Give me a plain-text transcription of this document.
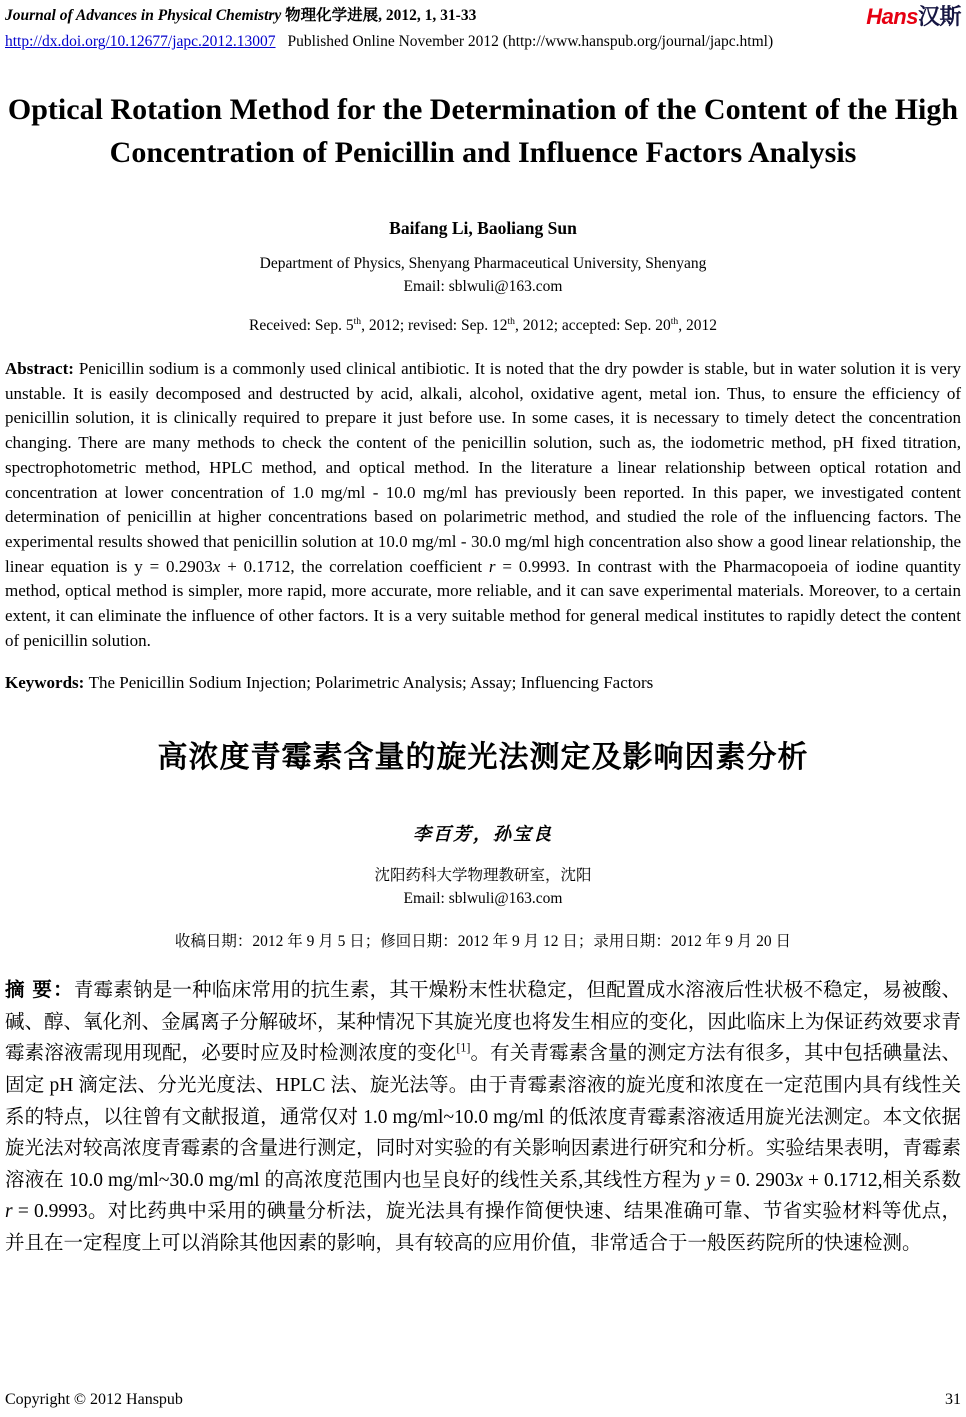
Journal of Advances in Physical Chemistry 物理化学进展, 2012, 1, 31-33	Hans汉斯
http://dx.doi.org/10.12677/japc.2012.13007 Published Online November 2012 (http://www.hanspub.org/journal/japc.html)
Optical Rotation Method for the Determination of the Content of the High Concentration of Penicillin and Influence Factors Analysis
Baifang Li, Baoliang Sun
Department of Physics, Shenyang Pharmaceutical University, Shenyang
Email: sblwuli@163.com
Received: Sep. 5th, 2012; revised: Sep. 12th, 2012; accepted: Sep. 20th, 2012

Abstract: Penicillin sodium is a commonly used clinical antibiotic. It is noted that the dry powder is stable, but in water solution it is very unstable. It is easily decomposed and destructed by acid, alkali, alcohol, oxidative agent, metal ion. Thus, to ensure the efficiency of penicillin solution, it is clinically required to prepare it just before use. In some cases, it is necessary to timely detect the concentration changing. There are many methods to check the content of the penicillin solution, such as, the iodometric method, pH fixed titration, spectrophotometric method, HPLC method, and optical method. In the literature a linear relationship between optical rotation and concentration at lower concentration of 1.0 mg/ml - 10.0 mg/ml has previously been reported. In this paper, we investigated content determination of penicillin at higher concentrations based on polarimetric method, and studied the role of the influencing factors. The experimental results showed that penicillin solution at 10.0 mg/ml - 30.0 mg/ml high concentration also show a good linear relationship, the linear equation is y = 0.2903x + 0.1712, the correlation coefficient r = 0.9993. In contrast with the Pharmacopoeia of iodine quantity method, optical method is simpler, more rapid, more accurate, more reliable, and it can save experimental materials. Moreover, to a certain extent, it can eliminate the influence of other factors. It is a very suitable method for general medical institutes to rapidly detect the content of penicillin solution.

Keywords: The Penicillin Sodium Injection; Polarimetric Analysis; Assay; Influencing Factors

高浓度青霉素含量的旋光法测定及影响因素分析
李百芳，孙宝良
沈阳药科大学物理教研室，沈阳
Email: sblwuli@163.com
收稿日期：2012 年 9 月 5 日；修回日期：2012 年 9 月 12 日；录用日期：2012 年 9 月 20 日

摘 要：青霉素钠是一种临床常用的抗生素，其干燥粉末性状稳定，但配置成水溶液后性状极不稳定，易被酸、碱、醇、氧化剂、金属离子分解破坏，某种情况下其旋光度也将发生相应的变化，因此临床上为保证药效要求青霉素溶液需现用现配，必要时应及时检测浓度的变化[1]。有关青霉素含量的测定方法有很多，其中包括碘量法、固定 pH 滴定法、分光光度法、HPLC 法、旋光法等。由于青霉素溶液的旋光度和浓度在一定范围内具有线性关系的特点，以往曾有文献报道，通常仅对 1.0 mg/ml~10.0 mg/ml 的低浓度青霉素溶液适用旋光法测定。本文依据旋光法对较高浓度青霉素的含量进行测定，同时对实验的有关影响因素进行研究和分析。实验结果表明，青霉素溶液在 10.0 mg/ml~30.0 mg/ml 的高浓度范围内也呈良好的线性关系,其线性方程为 y = 0. 2903x + 0.1712,相关系数 r = 0.9993。对比药典中采用的碘量分析法，旋光法具有操作简便快速、结果准确可靠、节省实验材料等优点，并且在一定程度上可以消除其他因素的影响，具有较高的应用价值，非常适合于一般医药院所的快速检测。

Copyright © 2012 Hanspub	31
